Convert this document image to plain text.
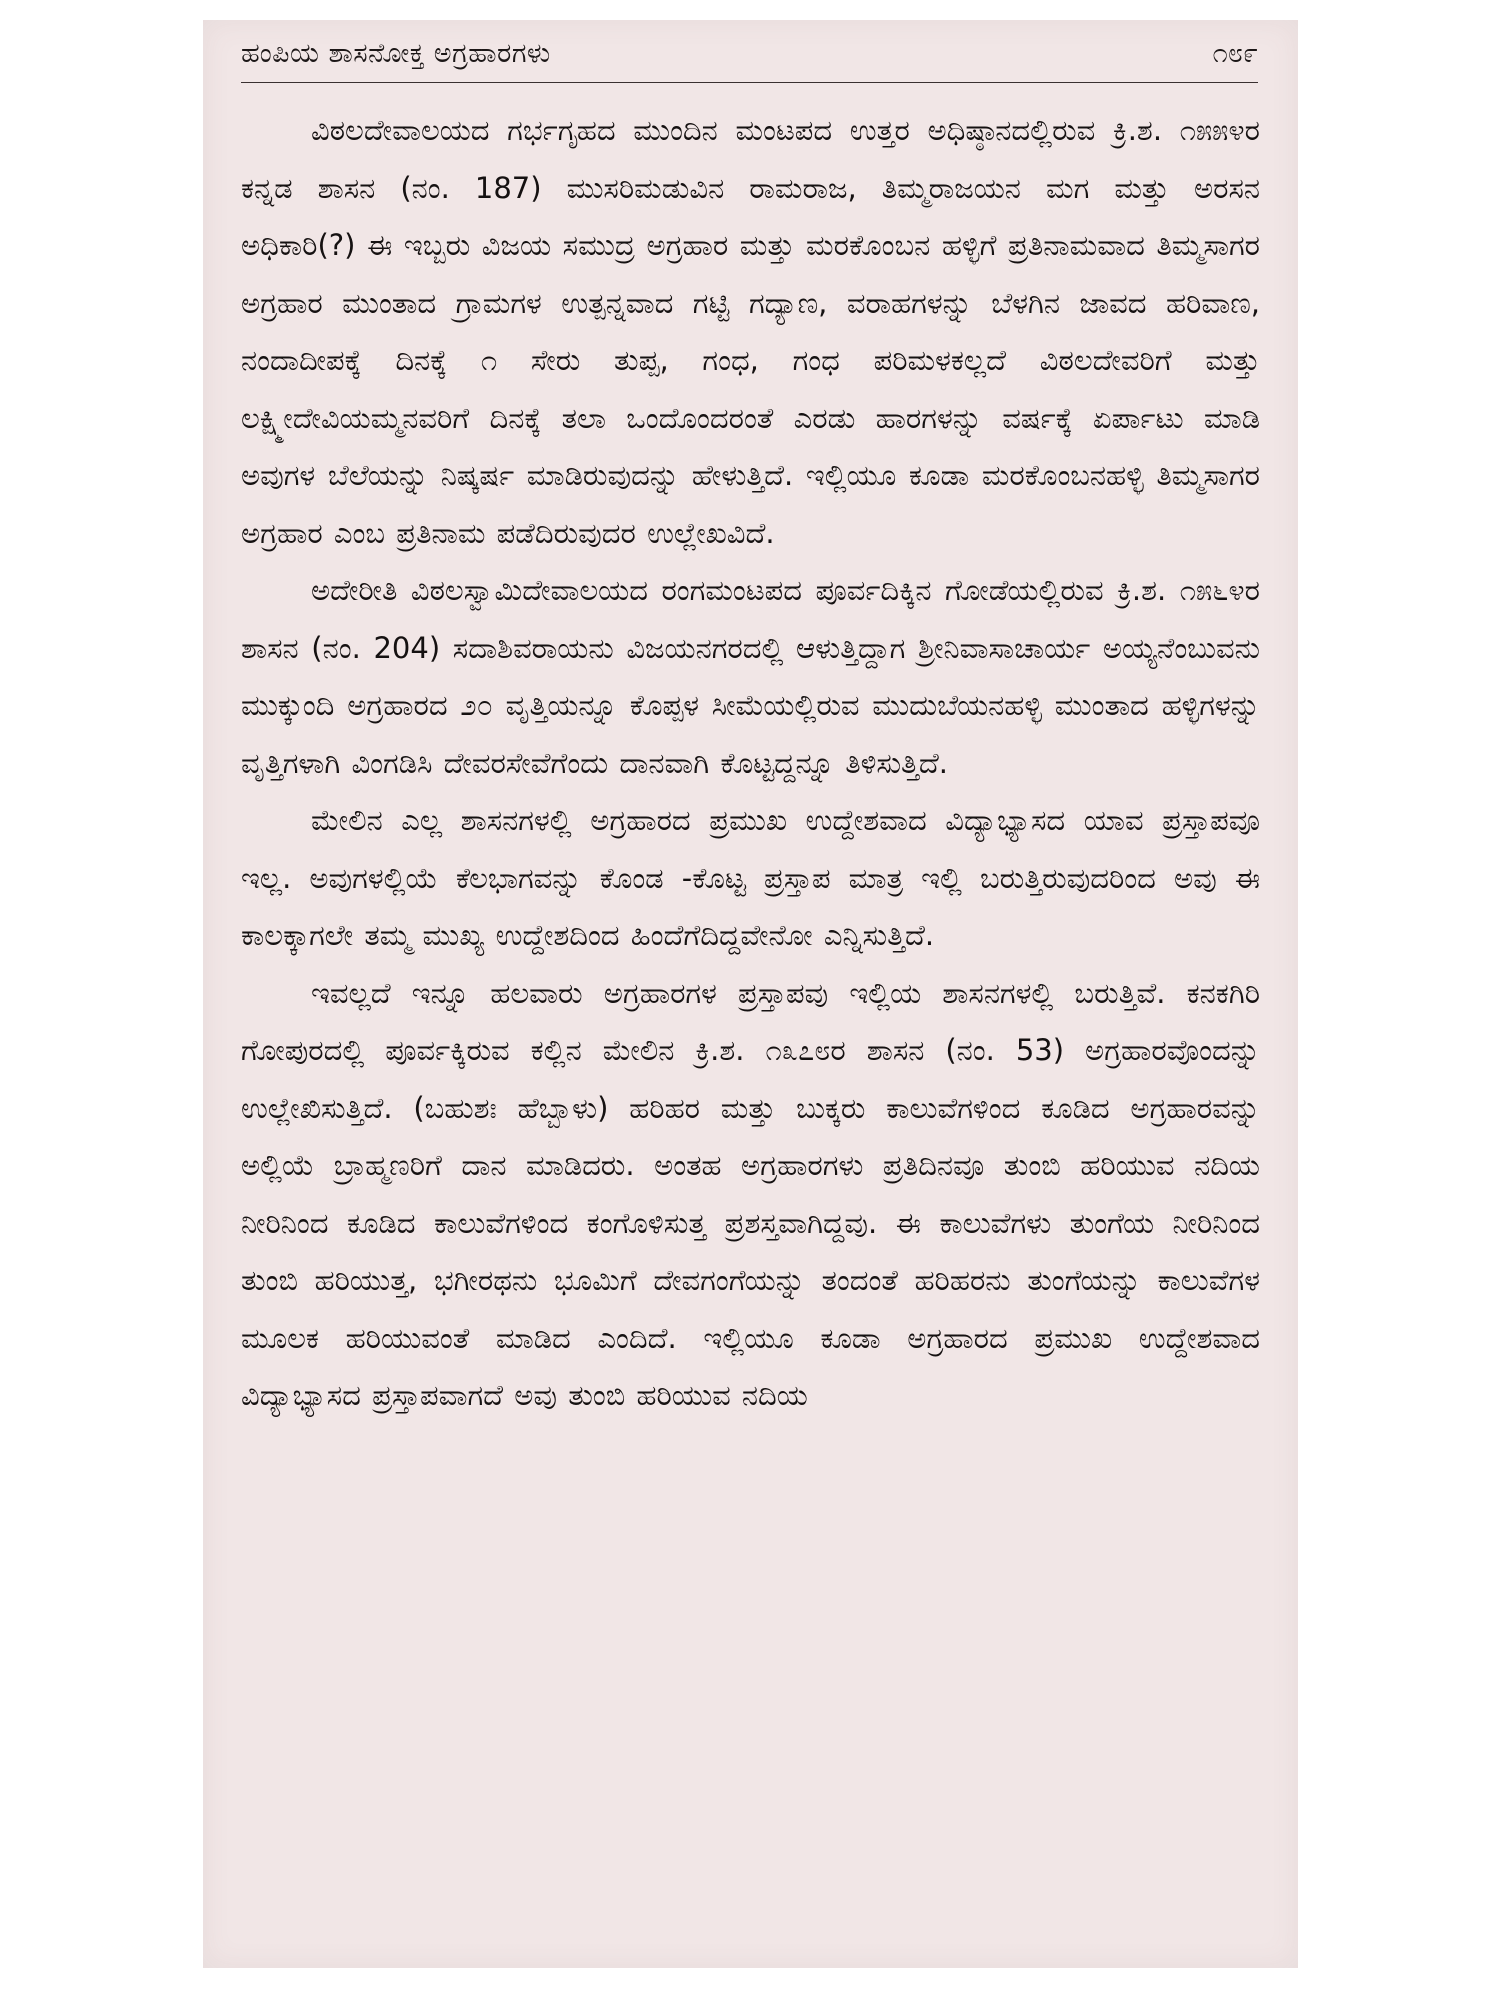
ಹಂಪಿಯ ಶಾಸನೋಕ್ತ ಅಗ್ರಹಾರಗಳು	೧೮೯

ವಿಠಲದೇವಾಲಯದ ಗರ್ಭಗೃಹದ ಮುಂದಿನ ಮಂಟಪದ ಉತ್ತರ ಅಧಿಷ್ಠಾನದಲ್ಲಿರುವ ಕ್ರಿ.ಶ. ೧೫೫೪ರ ಕನ್ನಡ ಶಾಸನ (ನಂ. 187) ಮುಸರಿಮಡುವಿನ ರಾಮರಾಜ, ತಿಮ್ಮರಾಜಯನ ಮಗ ಮತ್ತು ಅರಸನ ಅಧಿಕಾರಿ(?) ಈ ಇಬ್ಬರು ವಿಜಯ ಸಮುದ್ರ ಅಗ್ರಹಾರ ಮತ್ತು ಮರಕೊಂಬನ ಹಳ್ಳಿಗೆ ಪ್ರತಿನಾಮವಾದ ತಿಮ್ಮಸಾಗರ ಅಗ್ರಹಾರ ಮುಂತಾದ ಗ್ರಾಮಗಳ ಉತ್ಪನ್ನವಾದ ಗಟ್ಟಿ ಗದ್ಯಾಣ, ವರಾಹಗಳನ್ನು ಬೆಳಗಿನ ಜಾವದ ಹರಿವಾಣ, ನಂದಾದೀಪಕ್ಕೆ ದಿನಕ್ಕೆ ೧ ಸೇರು ತುಪ್ಪ, ಗಂಧ, ಗಂಧ ಪರಿಮಳಕಲ್ಲದೆ ವಿಠಲದೇವರಿಗೆ ಮತ್ತು ಲಕ್ಷ್ಮೀದೇವಿಯಮ್ಮನವರಿಗೆ ದಿನಕ್ಕೆ ತಲಾ ಒಂದೊಂದರಂತೆ ಎರಡು ಹಾರಗಳನ್ನು ವರ್ಷಕ್ಕೆ ಏರ್ಪಾಟು ಮಾಡಿ ಅವುಗಳ ಬೆಲೆಯನ್ನು ನಿಷ್ಕರ್ಷ ಮಾಡಿರುವುದನ್ನು ಹೇಳುತ್ತಿದೆ. ಇಲ್ಲಿಯೂ ಕೂಡಾ ಮರಕೊಂಬನಹಳ್ಳಿ ತಿಮ್ಮಸಾಗರ ಅಗ್ರಹಾರ ಎಂಬ ಪ್ರತಿನಾಮ ಪಡೆದಿರುವುದರ ಉಲ್ಲೇಖವಿದೆ.

ಅದೇರೀತಿ ವಿಠಲಸ್ವಾಮಿದೇವಾಲಯದ ರಂಗಮಂಟಪದ ಪೂರ್ವದಿಕ್ಕಿನ ಗೋಡೆಯಲ್ಲಿರುವ ಕ್ರಿ.ಶ. ೧೫೬೪ರ ಶಾಸನ (ನಂ. 204) ಸದಾಶಿವರಾಯನು ವಿಜಯನಗರದಲ್ಲಿ ಆಳುತ್ತಿದ್ದಾಗ ಶ್ರೀನಿವಾಸಾಚಾರ್ಯ ಅಯ್ಯನೆಂಬುವನು ಮುಕ್ಕುಂದಿ ಅಗ್ರಹಾರದ ೨೦ ವೃತ್ತಿಯನ್ನೂ ಕೊಪ್ಪಳ ಸೀಮೆಯಲ್ಲಿರುವ ಮುದುಬೆಯನಹಳ್ಳಿ ಮುಂತಾದ ಹಳ್ಳಿಗಳನ್ನು ವೃತ್ತಿಗಳಾಗಿ ವಿಂಗಡಿಸಿ ದೇವರಸೇವೆಗೆಂದು ದಾನವಾಗಿ ಕೊಟ್ಟದ್ದನ್ನೂ ತಿಳಿಸುತ್ತಿದೆ.

ಮೇಲಿನ ಎಲ್ಲ ಶಾಸನಗಳಲ್ಲಿ ಅಗ್ರಹಾರದ ಪ್ರಮುಖ ಉದ್ದೇಶವಾದ ವಿದ್ಯಾಭ್ಯಾಸದ ಯಾವ ಪ್ರಸ್ತಾಪವೂ ಇಲ್ಲ. ಅವುಗಳಲ್ಲಿಯೆ ಕೆಲಭಾಗವನ್ನು ಕೊಂಡ -ಕೊಟ್ಟ ಪ್ರಸ್ತಾಪ ಮಾತ್ರ ಇಲ್ಲಿ ಬರುತ್ತಿರುವುದರಿಂದ ಅವು ಈ ಕಾಲಕ್ಕಾಗಲೇ ತಮ್ಮ ಮುಖ್ಯ ಉದ್ದೇಶದಿಂದ ಹಿಂದೆಗೆದಿದ್ದವೇನೋ ಎನ್ನಿಸುತ್ತಿದೆ.

ಇವಲ್ಲದೆ ಇನ್ನೂ ಹಲವಾರು ಅಗ್ರಹಾರಗಳ ಪ್ರಸ್ತಾಪವು ಇಲ್ಲಿಯ ಶಾಸನಗಳಲ್ಲಿ ಬರುತ್ತಿವೆ. ಕನಕಗಿರಿ ಗೋಪುರದಲ್ಲಿ ಪೂರ್ವಕ್ಕಿರುವ ಕಲ್ಲಿನ ಮೇಲಿನ ಕ್ರಿ.ಶ. ೧೩೭೮ರ ಶಾಸನ (ನಂ. 53) ಅಗ್ರಹಾರವೊಂದನ್ನು ಉಲ್ಲೇಖಿಸುತ್ತಿದೆ. (ಬಹುಶಃ ಹೆಬ್ಬಾಳು) ಹರಿಹರ ಮತ್ತು ಬುಕ್ಕರು ಕಾಲುವೆಗಳಿಂದ ಕೂಡಿದ ಅಗ್ರಹಾರವನ್ನು ಅಲ್ಲಿಯೆ ಬ್ರಾಹ್ಮಣರಿಗೆ ದಾನ ಮಾಡಿದರು. ಅಂತಹ ಅಗ್ರಹಾರಗಳು ಪ್ರತಿದಿನವೂ ತುಂಬಿ ಹರಿಯುವ ನದಿಯ ನೀರಿನಿಂದ ಕೂಡಿದ ಕಾಲುವೆಗಳಿಂದ ಕಂಗೊಳಿಸುತ್ತ ಪ್ರಶಸ್ತವಾಗಿದ್ದವು. ಈ ಕಾಲುವೆಗಳು ತುಂಗೆಯ ನೀರಿನಿಂದ ತುಂಬಿ ಹರಿಯುತ್ತ, ಭಗೀರಥನು ಭೂಮಿಗೆ ದೇವಗಂಗೆಯನ್ನು ತಂದಂತೆ ಹರಿಹರನು ತುಂಗೆಯನ್ನು ಕಾಲುವೆಗಳ ಮೂಲಕ ಹರಿಯುವಂತೆ ಮಾಡಿದ ಎಂದಿದೆ. ಇಲ್ಲಿಯೂ ಕೂಡಾ ಅಗ್ರಹಾರದ ಪ್ರಮುಖ ಉದ್ದೇಶವಾದ ವಿದ್ಯಾಭ್ಯಾಸದ ಪ್ರಸ್ತಾಪವಾಗದೆ ಅವು ತುಂಬಿ ಹರಿಯುವ ನದಿಯ
